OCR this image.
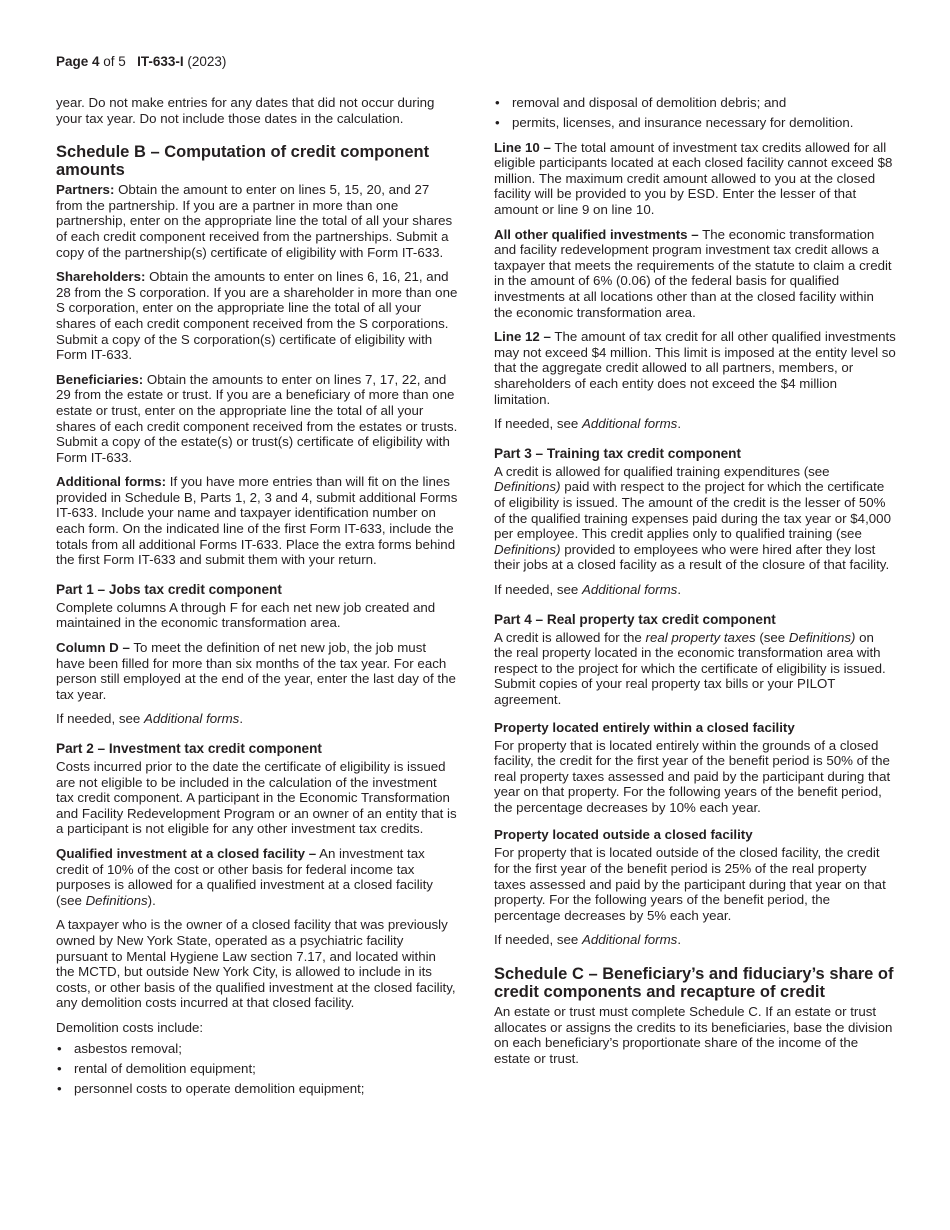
Page 4 of 5 IT-633-I (2023)

year. Do not make entries for any dates that did not occur during your tax year. Do not include those dates in the calculation.

Schedule B – Computation of credit component amounts

Partners: Obtain the amount to enter on lines 5, 15, 20, and 27 from the partnership. If you are a partner in more than one partnership, enter on the appropriate line the total of all your shares of each credit component received from the partnerships. Submit a copy of the partnership(s) certificate of eligibility with Form IT-633.

Shareholders: Obtain the amounts to enter on lines 6, 16, 21, and 28 from the S corporation. If you are a shareholder in more than one S corporation, enter on the appropriate line the total of all your shares of each credit component received from the S corporations. Submit a copy of the S corporation(s) certificate of eligibility with Form IT-633.

Beneficiaries: Obtain the amounts to enter on lines 7, 17, 22, and 29 from the estate or trust. If you are a beneficiary of more than one estate or trust, enter on the appropriate line the total of all your shares of each credit component received from the estates or trusts. Submit a copy of the estate(s) or trust(s) certificate of eligibility with Form IT-633.

Additional forms: If you have more entries than will fit on the lines provided in Schedule B, Parts 1, 2, 3 and 4, submit additional Forms IT-633. Include your name and taxpayer identification number on each form. On the indicated line of the first Form IT-633, include the totals from all additional Forms IT-633. Place the extra forms behind the first Form IT-633 and submit them with your return.

Part 1 – Jobs tax credit component

Complete columns A through F for each net new job created and maintained in the economic transformation area.

Column D – To meet the definition of net new job, the job must have been filled for more than six months of the tax year. For each person still employed at the end of the year, enter the last day of the tax year.

If needed, see Additional forms.

Part 2 – Investment tax credit component

Costs incurred prior to the date the certificate of eligibility is issued are not eligible to be included in the calculation of the investment tax credit component. A participant in the Economic Transformation and Facility Redevelopment Program or an owner of an entity that is a participant is not eligible for any other investment tax credits.

Qualified investment at a closed facility – An investment tax credit of 10% of the cost or other basis for federal income tax purposes is allowed for a qualified investment at a closed facility (see Definitions).

A taxpayer who is the owner of a closed facility that was previously owned by New York State, operated as a psychiatric facility pursuant to Mental Hygiene Law section 7.17, and located within the MCTD, but outside New York City, is allowed to include in its costs, or other basis of the qualified investment at the closed facility, any demolition costs incurred at that closed facility.

Demolition costs include:

• asbestos removal;
• rental of demolition equipment;
• personnel costs to operate demolition equipment;
• removal and disposal of demolition debris; and
• permits, licenses, and insurance necessary for demolition.

Line 10 – The total amount of investment tax credits allowed for all eligible participants located at each closed facility cannot exceed $8 million. The maximum credit amount allowed to you at the closed facility will be provided to you by ESD. Enter the lesser of that amount or line 9 on line 10.

All other qualified investments – The economic transformation and facility redevelopment program investment tax credit allows a taxpayer that meets the requirements of the statute to claim a credit in the amount of 6% (0.06) of the federal basis for qualified investments at all locations other than at the closed facility within the economic transformation area.

Line 12 – The amount of tax credit for all other qualified investments may not exceed $4 million. This limit is imposed at the entity level so that the aggregate credit allowed to all partners, members, or shareholders of each entity does not exceed the $4 million limitation.

If needed, see Additional forms.

Part 3 – Training tax credit component

A credit is allowed for qualified training expenditures (see Definitions) paid with respect to the project for which the certificate of eligibility is issued. The amount of the credit is the lesser of 50% of the qualified training expenses paid during the tax year or $4,000 per employee. This credit applies only to qualified training (see Definitions) provided to employees who were hired after they lost their jobs at a closed facility as a result of the closure of that facility.

If needed, see Additional forms.

Part 4 – Real property tax credit component

A credit is allowed for the real property taxes (see Definitions) on the real property located in the economic transformation area with respect to the project for which the certificate of eligibility is issued. Submit copies of your real property tax bills or your PILOT agreement.

Property located entirely within a closed facility

For property that is located entirely within the grounds of a closed facility, the credit for the first year of the benefit period is 50% of the real property taxes assessed and paid by the participant during that year on that property. For the following years of the benefit period, the percentage decreases by 10% each year.

Property located outside a closed facility

For property that is located outside of the closed facility, the credit for the first year of the benefit period is 25% of the real property taxes assessed and paid by the participant during that year on that property. For the following years of the benefit period, the percentage decreases by 5% each year.

If needed, see Additional forms.

Schedule C – Beneficiary’s and fiduciary’s share of credit components and recapture of credit

An estate or trust must complete Schedule C. If an estate or trust allocates or assigns the credits to its beneficiaries, base the division on each beneficiary’s proportionate share of the income of the estate or trust.
